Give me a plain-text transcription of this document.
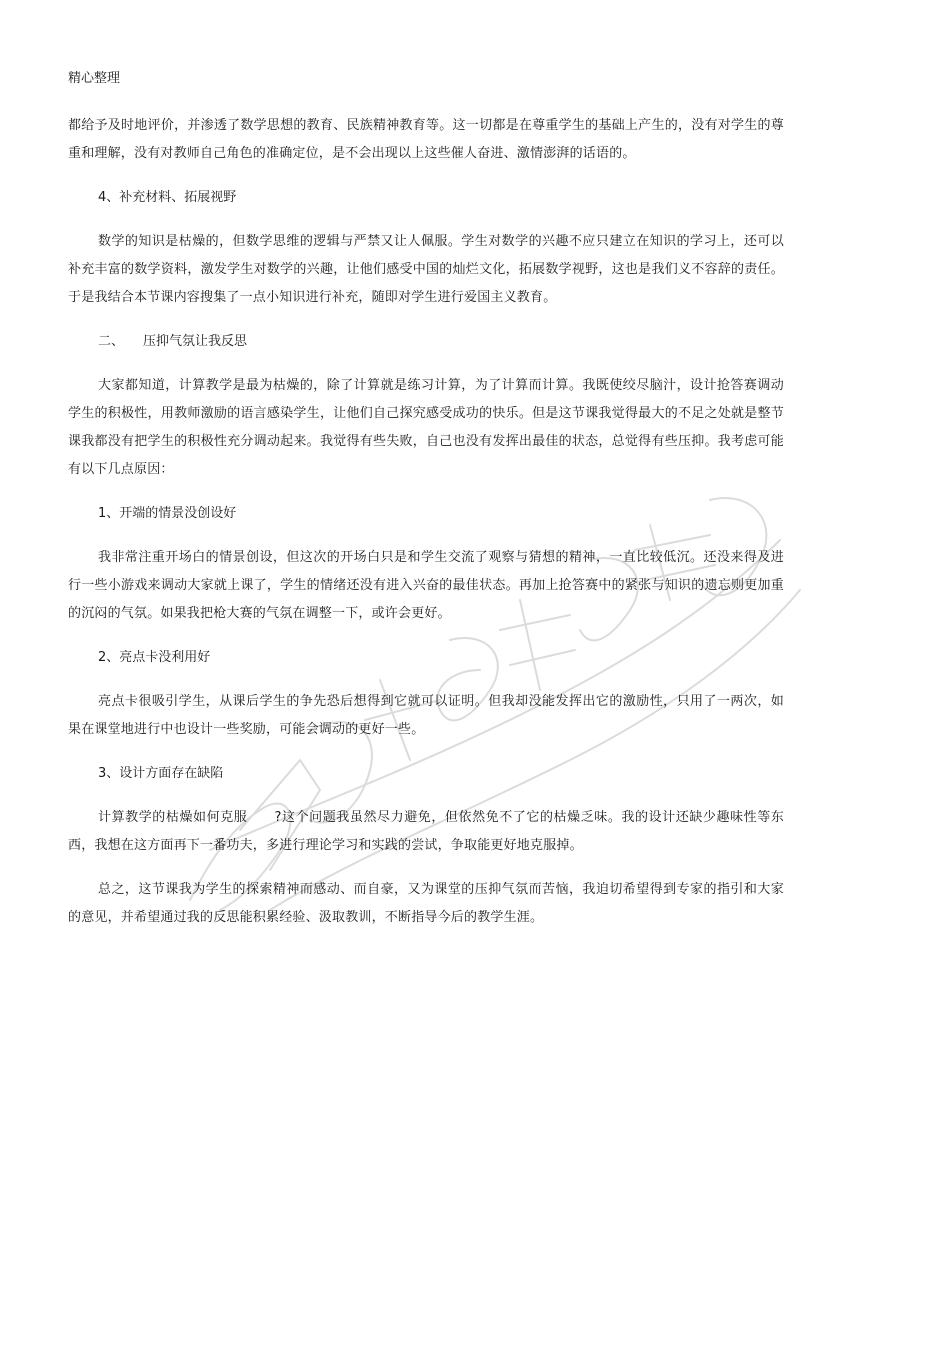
精心整理

都给予及时地评价，并渗透了数学思想的教育、民族精神教育等。这一切都是在尊重学生的基础上产生的，没有对学生的尊重和理解，没有对教师自己角色的准确定位，是不会出现以上这些催人奋进、激情澎湃的话语的。

4、补充材料、拓展视野

数学的知识是枯燥的，但数学思维的逻辑与严禁又让人佩服。学生对数学的兴趣不应只建立在知识的学习上，还可以补充丰富的数学资料，激发学生对数学的兴趣，让他们感受中国的灿烂文化，拓展数学视野，这也是我们义不容辞的责任。于是我结合本节课内容搜集了一点小知识进行补充，随即对学生进行爱国主义教育。

二、 压抑气氛让我反思

大家都知道，计算教学是最为枯燥的，除了计算就是练习计算，为了计算而计算。我既使绞尽脑汁，设计抢答赛调动学生的积极性，用教师激励的语言感染学生，让他们自己探究感受成功的快乐。但是这节课我觉得最大的不足之处就是整节课我都没有把学生的积极性充分调动起来。我觉得有些失败，自己也没有发挥出最佳的状态，总觉得有些压抑。我考虑可能有以下几点原因：

1、开端的情景没创设好

我非常注重开场白的情景创设，但这次的开场白只是和学生交流了观察与猜想的精神，一直比较低沉。还没来得及进行一些小游戏来调动大家就上课了，学生的情绪还没有进入兴奋的最佳状态。再加上抢答赛中的紧张与知识的遗忘则更加重的沉闷的气氛。如果我把枪大赛的气氛在调整一下，或许会更好。

2、亮点卡没利用好

亮点卡很吸引学生，从课后学生的争先恐后想得到它就可以证明。但我却没能发挥出它的激励性，只用了一两次，如果在课堂地进行中也设计一些奖励，可能会调动的更好一些。

3、设计方面存在缺陷

计算教学的枯燥如何克服　　?这个问题我虽然尽力避免，但依然免不了它的枯燥乏味。我的设计还缺少趣味性等东西，我想在这方面再下一番功夫，多进行理论学习和实践的尝试，争取能更好地克服掉。

总之，这节课我为学生的探索精神而感动、而自豪，又为课堂的压抑气氛而苦恼，我迫切希望得到专家的指引和大家的意见，并希望通过我的反思能积累经验、汲取教训，不断指导今后的教学生涯。
